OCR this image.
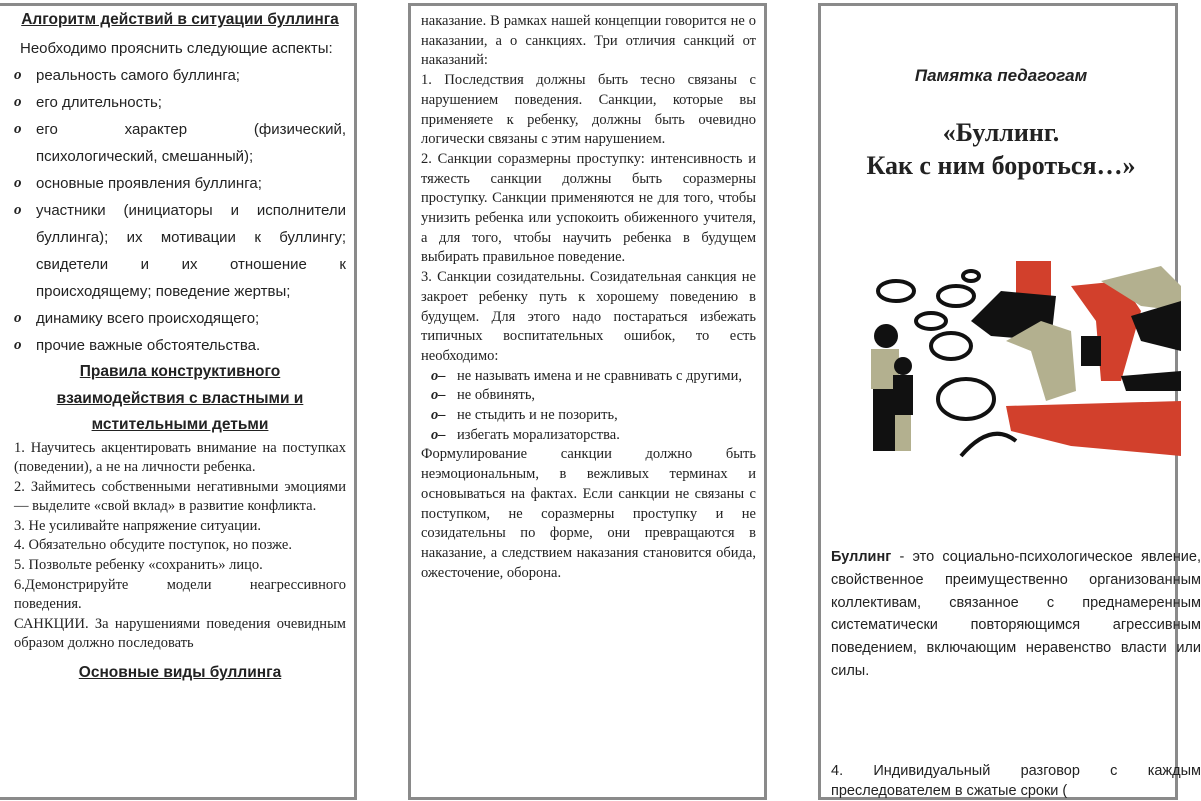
Алгоритм действий в ситуации буллинга
Необходимо прояснить следующие аспекты:
o реальность самого буллинга;
o его длительность;
o его характер (физический, психологический, смешанный);
o основные проявления буллинга;
o участники (инициаторы и исполнители буллинга); их мотивации к буллингу; свидетели и их отношение к происходящему; поведение жертвы;
o динамику всего происходящего;
o прочие важные обстоятельства.
Правила конструктивного взаимодействия с властными и мстительными детьми
1. Научитесь акцентировать внимание на поступках (поведении), а не на личности ребенка.
2. Займитесь собственными негативными эмоциями — выделите «свой вклад» в развитие конфликта.
3. Не усиливайте напряжение ситуации.
4. Обязательно обсудите поступок, но позже.
5. Позвольте ребенку «сохранить» лицо.
6.Демонстрируйте модели неагрессивного поведения.
САНКЦИИ. За нарушениями поведения очевидным образом должно последовать
Основные виды буллинга
наказание. В рамках нашей концепции говорится не о наказании, а о санкциях. Три отличия санкций от наказаний:
1. Последствия должны быть тесно связаны с нарушением поведения. Санкции, которые вы применяете к ребенку, должны быть очевидно логически связаны с этим нарушением.
2. Санкции соразмерны проступку: интенсивность и тяжесть санкции должны быть соразмерны проступку. Санкции применяются не для того, чтобы унизить ребенка или успокоить обиженного учителя, а для того, чтобы научить ребенка в будущем выбирать правильное поведение.
3. Санкции созидательны. Созидательная санкция не закроет ребенку путь к хорошему поведению в будущем. Для этого надо постараться избежать типичных воспитательных ошибок, то есть необходимо:
o– не называть имена и не сравнивать с другими,
o– не обвинять,
o– не стыдить и не позорить,
o– избегать морализаторства.
Формулирование санкции должно быть неэмоциональным, в вежливых терминах и основываться на фактах. Если санкции не связаны с поступком, не соразмерны проступку и не созидательны по форме, они превращаются в наказание, а следствием наказания становится обида, ожесточение, оборона.
Памятка педагогам
«Буллинг.
Как с ним бороться…»
Буллинг - это социально-психологическое явление, свойственное преимущественно организованным коллективам, связанное с преднамеренным систематически повторяющимся агрессивным поведением, включающим неравенство власти или силы.
4. Индивидуальный разговор с каждым преследователем в сжатые сроки (
